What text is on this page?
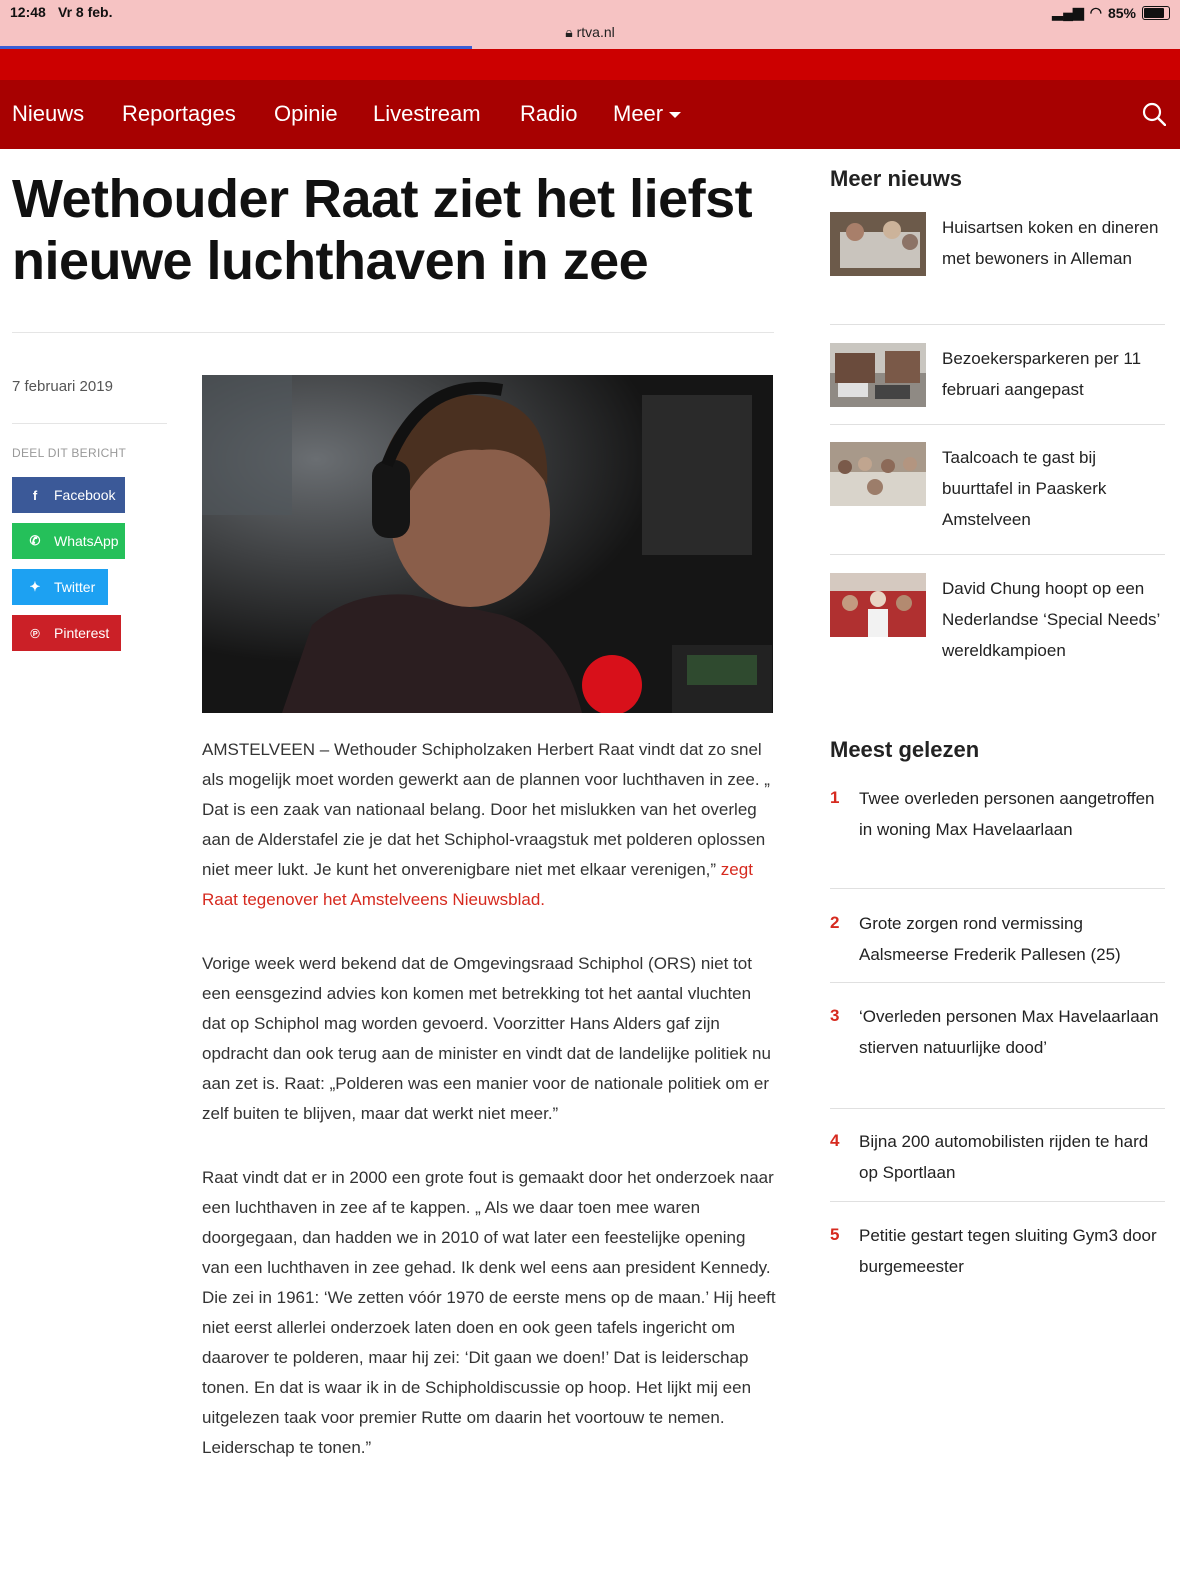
12:48 Vr 8 feb.
🔒︎ rtva.nl
▂▄▆ ◠ 85%
Nieuws Reportages Opinie Livestream Radio Meer
Wethouder Raat ziet het liefst nieuwe luchthaven in zee
7 februari 2019
DEEL DIT BERICHT
f	Facebook
✆ WhatsApp
✦ Twitter
℗	Pinterest

AMSTELVEEN – Wethouder Schipholzaken Herbert Raat vindt dat zo snel als mogelijk moet worden gewerkt aan de plannen voor luchthaven in zee. „ Dat is een zaak van nationaal belang. Door het mislukken van het overleg aan de Alderstafel zie je dat het Schiphol-vraagstuk met polderen oplossen niet meer lukt. Je kunt het onverenigbare niet met elkaar verenigen,” zegt Raat tegenover het Amstelveens Nieuwsblad.

Vorige week werd bekend dat de Omgevingsraad Schiphol (ORS) niet tot een eensgezind advies kon komen met betrekking tot het aantal vluchten dat op Schiphol mag worden gevoerd. Voorzitter Hans Alders gaf zijn opdracht dan ook terug aan de minister en vindt dat de landelijke politiek nu aan zet is. Raat: „Polderen was een manier voor de nationale politiek om er zelf buiten te blijven, maar dat werkt niet meer.”

Raat vindt dat er in 2000 een grote fout is gemaakt door het onderzoek naar een luchthaven in zee af te kappen. „ Als we daar toen mee waren doorgegaan, dan hadden we in 2010 of wat later een feestelijke opening van een luchthaven in zee gehad. Ik denk wel eens aan president Kennedy. Die zei in 1961: ‘We zetten vóór 1970 de eerste mens op de maan.’ Hij heeft niet eerst allerlei onderzoek laten doen en ook geen tafels ingericht om daarover te polderen, maar hij zei: ‘Dit gaan we doen!’ Dat is leiderschap tonen. En dat is waar ik in de Schipholdiscussie op hoop. Het lijkt mij een uitgelezen taak voor premier Rutte om daarin het voortouw te nemen. Leiderschap te tonen.”

Meer nieuws
Huisartsen koken en dineren met bewoners in Alleman
Bezoekersparkeren per 11 februari aangepast
Taalcoach te gast bij buurttafel in Paaskerk Amstelveen
David Chung hoopt op een Nederlandse ‘Special Needs’ wereldkampioen
Meest gelezen
1 Twee overleden personen aangetroffen in woning Max Havelaarlaan
2 Grote zorgen rond vermissing Aalsmeerse Frederik Pallesen (25)
3 ‘Overleden personen Max Havelaarlaan stierven natuurlijke dood’
4 Bijna 200 automobilisten rijden te hard op Sportlaan
5 Petitie gestart tegen sluiting Gym3 door burgemeester
